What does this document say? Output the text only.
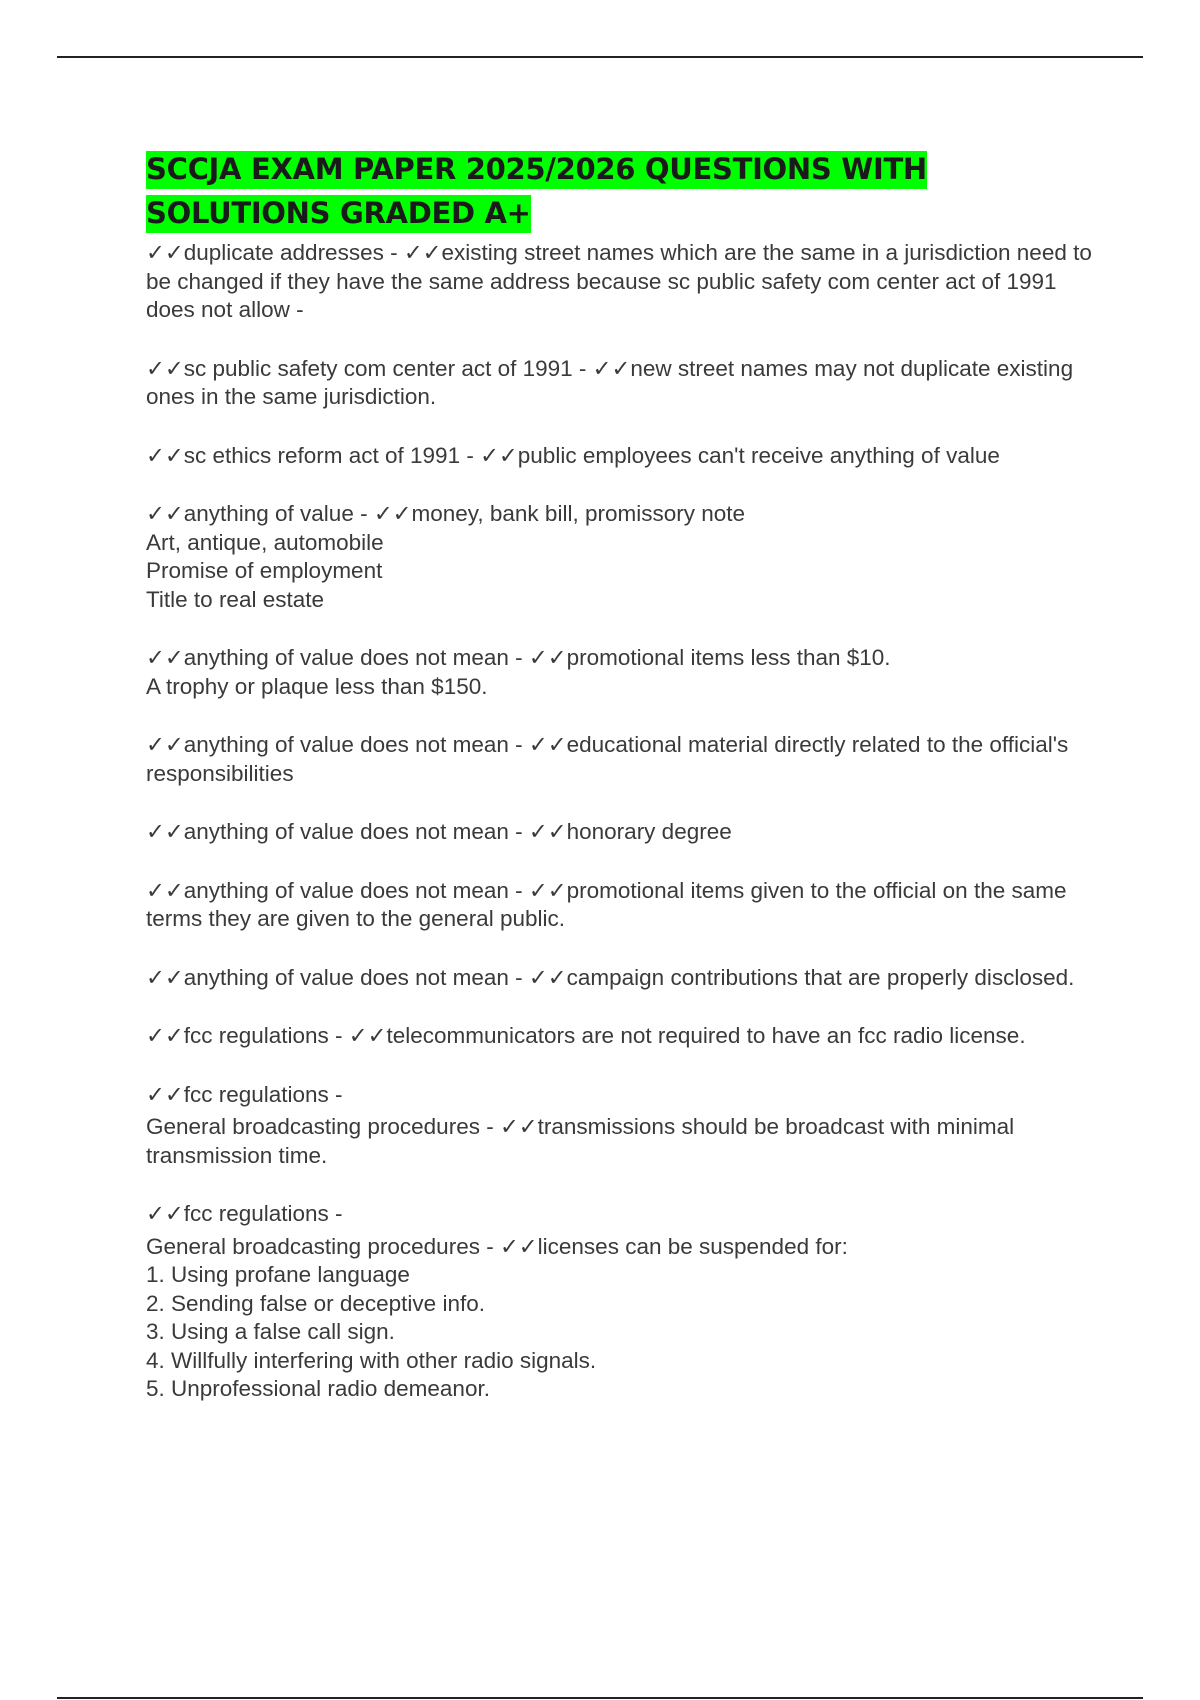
SCCJA EXAM PAPER 2025/2026 QUESTIONS WITH SOLUTIONS GRADED A+
✓✓duplicate addresses - ✓✓existing street names which are the same in a jurisdiction need to be changed if they have the same address because sc public safety com center act of 1991 does not allow -
✓✓sc public safety com center act of 1991 - ✓✓new street names may not duplicate existing ones in the same jurisdiction.
✓✓sc ethics reform act of 1991 - ✓✓public employees can't receive anything of value
✓✓anything of value - ✓✓money, bank bill, promissory note
Art, antique, automobile
Promise of employment
Title to real estate
✓✓anything of value does not mean - ✓✓promotional items less than $10.
A trophy or plaque less than $150.
✓✓anything of value does not mean - ✓✓educational material directly related to the official's responsibilities
✓✓anything of value does not mean - ✓✓honorary degree
✓✓anything of value does not mean - ✓✓promotional items given to the official on the same terms they are given to the general public.
✓✓anything of value does not mean - ✓✓campaign contributions that are properly disclosed.
✓✓fcc regulations - ✓✓telecommunicators are not required to have an fcc radio license.
✓✓fcc regulations -
General broadcasting procedures - ✓✓transmissions should be broadcast with minimal transmission time.
✓✓fcc regulations -
General broadcasting procedures - ✓✓licenses can be suspended for:
1. Using profane language
2. Sending false or deceptive info.
3. Using a false call sign.
4. Willfully interfering with other radio signals.
5. Unprofessional radio demeanor.
